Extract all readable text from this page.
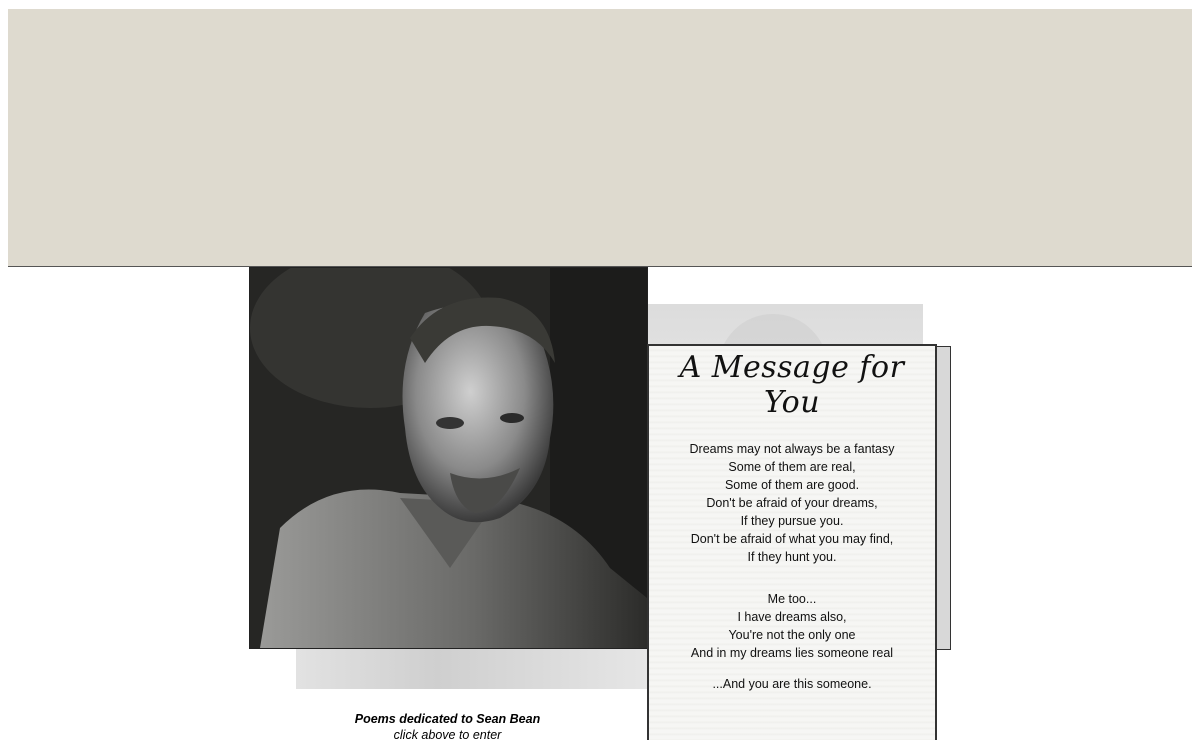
A Message for You
Dreams may not always be a fantasy
Some of them are real,
Some of them are good.
Don't be afraid of your dreams,
If they pursue you.
Don't be afraid of what you may find,
If they hunt you.
Me too...
I have dreams also,
You're not the only one
And in my dreams lies someone real
...And you are this someone.
Poems dedicated to Sean Bean
click above to enter
